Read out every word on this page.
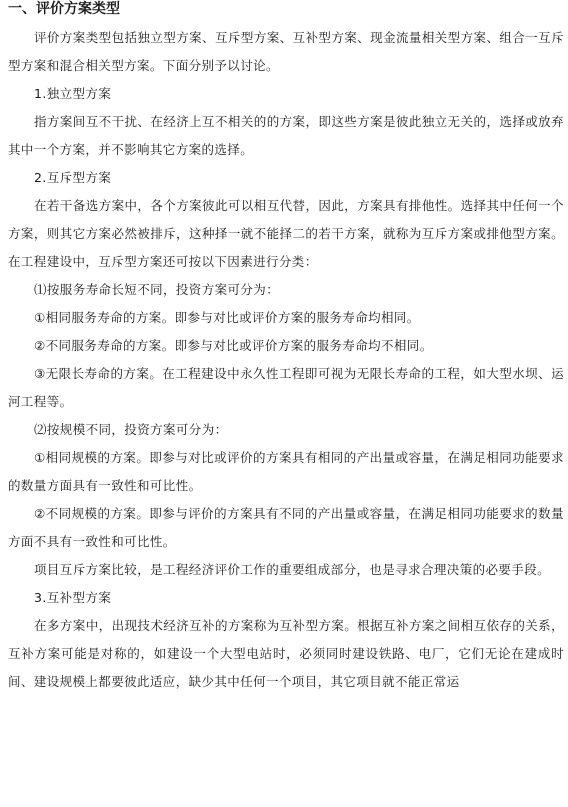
一、评价方案类型

评价方案类型包括独立型方案、互斥型方案、互补型方案、现金流量相关型方案、组合一互斥型方案和混合相关型方案。下面分别予以讨论。

1.独立型方案

指方案间互不干扰、在经济上互不相关的的方案，即这些方案是彼此独立无关的，选择或放弃其中一个方案，并不影响其它方案的选择。

2.互斥型方案

在若干备选方案中，各个方案彼此可以相互代替，因此，方案具有排他性。选择其中任何一个方案，则其它方案必然被排斥，这种择一就不能择二的若干方案，就称为互斥方案或排他型方案。在工程建设中，互斥型方案还可按以下因素进行分类：

⑴按服务寿命长短不同，投资方案可分为：

①相同服务寿命的方案。即参与对比或评价方案的服务寿命均相同。

②不同服务寿命的方案。即参与对比或评价方案的服务寿命均不相同。

③无限长寿命的方案。在工程建设中永久性工程即可视为无限长寿命的工程，如大型水坝、运河工程等。

⑵按规模不同，投资方案可分为：

①相同规模的方案。即参与对比或评价的方案具有相同的产出量或容量，在满足相同功能要求的数量方面具有一致性和可比性。

②不同规模的方案。即参与评价的方案具有不同的产出量或容量，在满足相同功能要求的数量方面不具有一致性和可比性。

项目互斥方案比较，是工程经济评价工作的重要组成部分，也是寻求合理决策的必要手段。

3.互补型方案

在多方案中，出现技术经济互补的方案称为互补型方案。根据互补方案之间相互依存的关系，互补方案可能是对称的，如建设一个大型电站时，必须同时建设铁路、电厂，它们无论在建成时间、建设规模上都要彼此适应，缺少其中任何一个项目，其它项目就不能正常运
